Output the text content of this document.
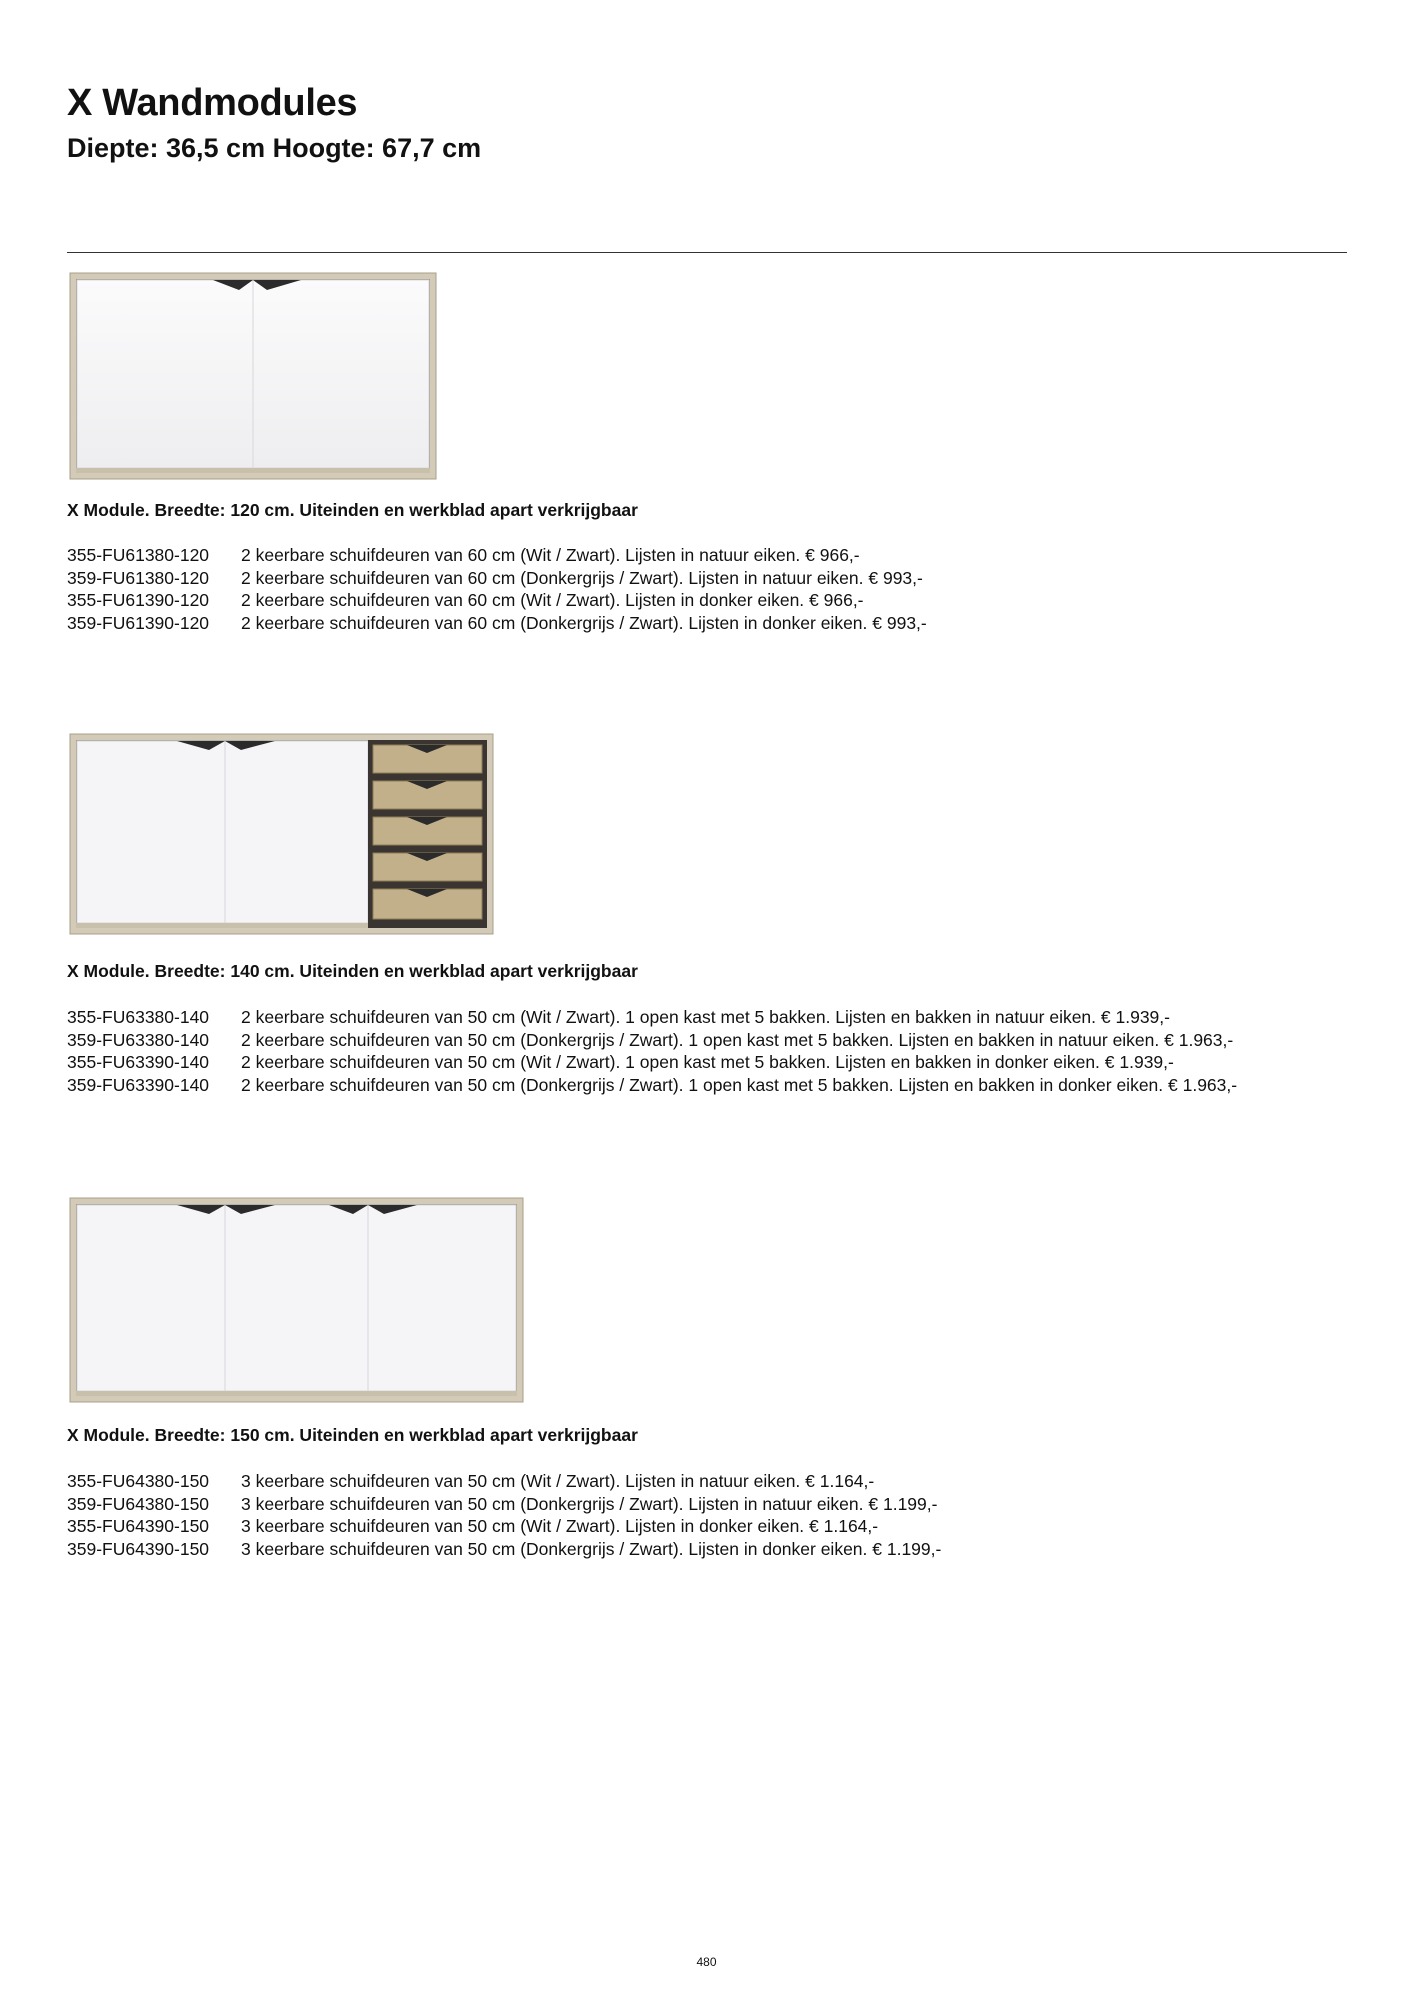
X Wandmodules
Diepte: 36,5 cm Hoogte: 67,7 cm
X Module. Breedte: 120 cm. Uiteinden en werkblad apart verkrijgbaar
355-FU61380-120 2 keerbare schuifdeuren van 60 cm (Wit / Zwart). Lijsten in natuur eiken. € 966,-
359-FU61380-120 2 keerbare schuifdeuren van 60 cm (Donkergrijs / Zwart). Lijsten in natuur eiken. € 993,-
355-FU61390-120 2 keerbare schuifdeuren van 60 cm (Wit / Zwart). Lijsten in donker eiken. € 966,-
359-FU61390-120 2 keerbare schuifdeuren van 60 cm (Donkergrijs / Zwart). Lijsten in donker eiken. € 993,-
X Module. Breedte: 140 cm. Uiteinden en werkblad apart verkrijgbaar
355-FU63380-140 2 keerbare schuifdeuren van 50 cm (Wit / Zwart). 1 open kast met 5 bakken. Lijsten en bakken in natuur eiken. € 1.939,-
359-FU63380-140 2 keerbare schuifdeuren van 50 cm (Donkergrijs / Zwart). 1 open kast met 5 bakken. Lijsten en bakken in natuur eiken. € 1.963,-
355-FU63390-140 2 keerbare schuifdeuren van 50 cm (Wit / Zwart). 1 open kast met 5 bakken. Lijsten en bakken in donker eiken. € 1.939,-
359-FU63390-140 2 keerbare schuifdeuren van 50 cm (Donkergrijs / Zwart). 1 open kast met 5 bakken. Lijsten en bakken in donker eiken. € 1.963,-
X Module. Breedte: 150 cm. Uiteinden en werkblad apart verkrijgbaar
355-FU64380-150 3 keerbare schuifdeuren van 50 cm (Wit / Zwart). Lijsten in natuur eiken. € 1.164,-
359-FU64380-150 3 keerbare schuifdeuren van 50 cm (Donkergrijs / Zwart). Lijsten in natuur eiken. € 1.199,-
355-FU64390-150 3 keerbare schuifdeuren van 50 cm (Wit / Zwart). Lijsten in donker eiken. € 1.164,-
359-FU64390-150 3 keerbare schuifdeuren van 50 cm (Donkergrijs / Zwart). Lijsten in donker eiken. € 1.199,-
480
